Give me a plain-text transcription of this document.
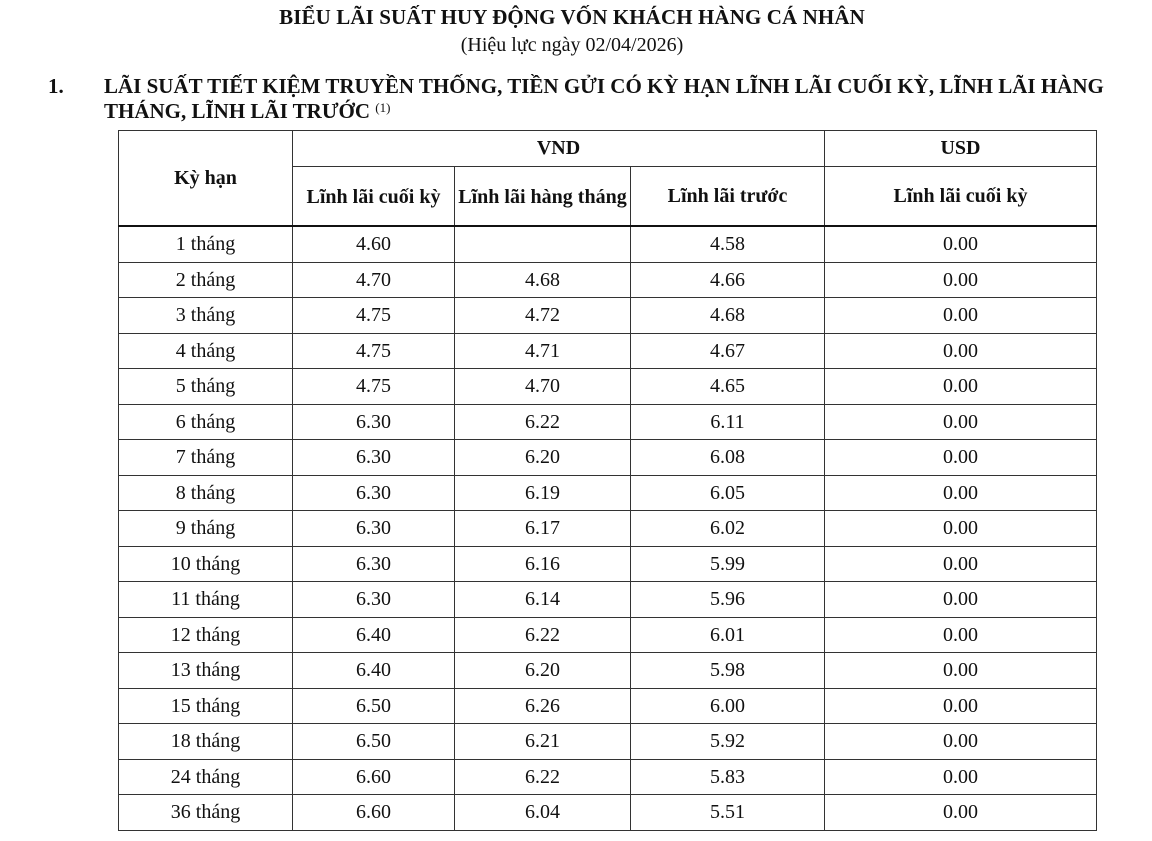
BIỂU LÃI SUẤT HUY ĐỘNG VỐN KHÁCH HÀNG CÁ NHÂN
(Hiệu lực ngày 02/04/2026)
1. LÃI SUẤT TIẾT KIỆM TRUYỀN THỐNG, TIỀN GỬI CÓ KỲ HẠN LĨNH LÃI CUỐI KỲ, LĨNH LÃI HÀNG THÁNG, LĨNH LÃI TRƯỚC $^{(1)}$
Kỳ hạn	VND			USD
	Lĩnh lãi cuối kỳ	Lĩnh lãi hàng tháng	Lĩnh lãi trước	Lĩnh lãi cuối kỳ
1 tháng	4.60		4.58	0.00
2 tháng	4.70	4.68	4.66	0.00
3 tháng	4.75	4.72	4.68	0.00
4 tháng	4.75	4.71	4.67	0.00
5 tháng	4.75	4.70	4.65	0.00
6 tháng	6.30	6.22	6.11	0.00
7 tháng	6.30	6.20	6.08	0.00
8 tháng	6.30	6.19	6.05	0.00
9 tháng	6.30	6.17	6.02	0.00
10 tháng	6.30	6.16	5.99	0.00
11 tháng	6.30	6.14	5.96	0.00
12 tháng	6.40	6.22	6.01	0.00
13 tháng	6.40	6.20	5.98	0.00
15 tháng	6.50	6.26	6.00	0.00
18 tháng	6.50	6.21	5.92	0.00
24 tháng	6.60	6.22	5.83	0.00
36 tháng	6.60	6.04	5.51	0.00
